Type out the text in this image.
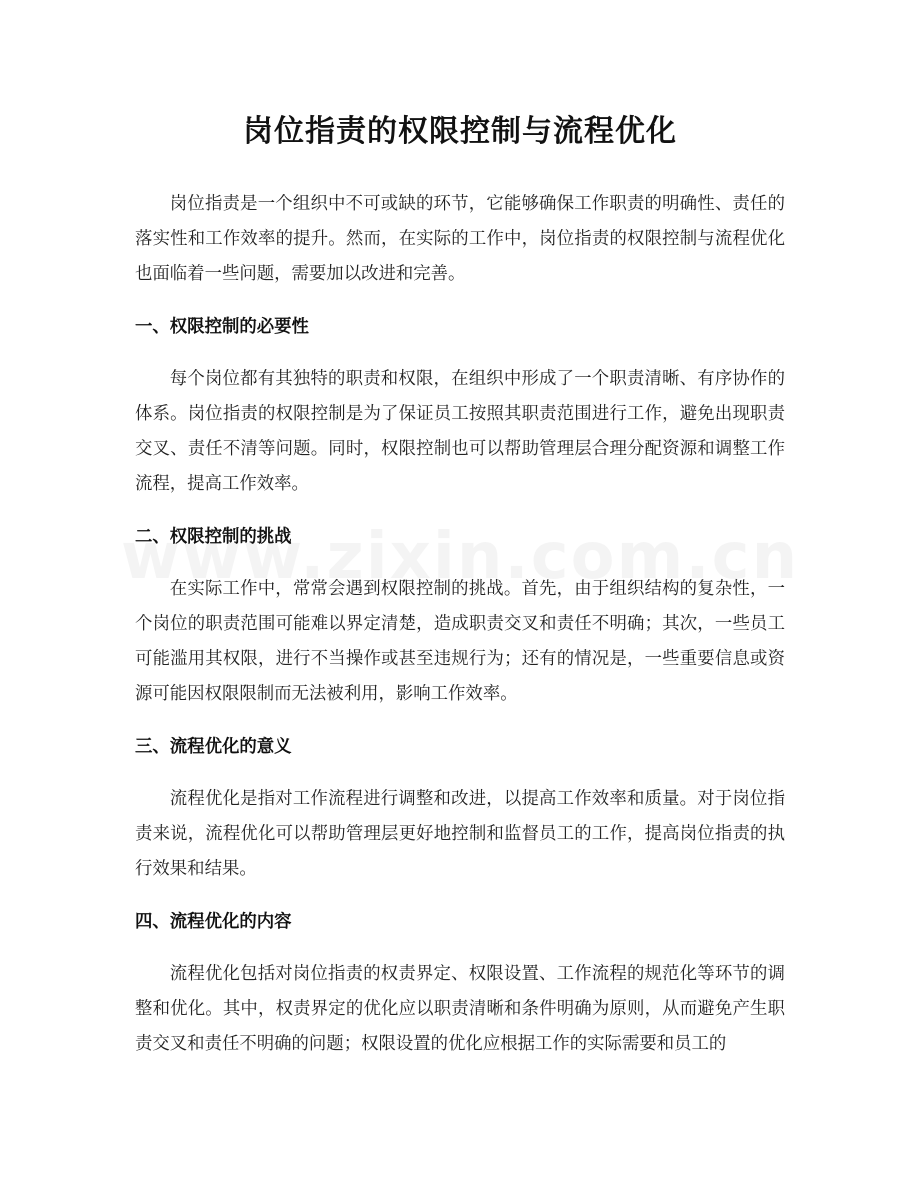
岗位指责的权限控制与流程优化

岗位指责是一个组织中不可或缺的环节，它能够确保工作职责的明确性、责任的落实性和工作效率的提升。然而，在实际的工作中，岗位指责的权限控制与流程优化也面临着一些问题，需要加以改进和完善。

一、权限控制的必要性

每个岗位都有其独特的职责和权限，在组织中形成了一个职责清晰、有序协作的体系。岗位指责的权限控制是为了保证员工按照其职责范围进行工作，避免出现职责交叉、责任不清等问题。同时，权限控制也可以帮助管理层合理分配资源和调整工作流程，提高工作效率。

二、权限控制的挑战

在实际工作中，常常会遇到权限控制的挑战。首先，由于组织结构的复杂性，一个岗位的职责范围可能难以界定清楚，造成职责交叉和责任不明确；其次，一些员工可能滥用其权限，进行不当操作或甚至违规行为；还有的情况是，一些重要信息或资源可能因权限限制而无法被利用，影响工作效率。

三、流程优化的意义

流程优化是指对工作流程进行调整和改进，以提高工作效率和质量。对于岗位指责来说，流程优化可以帮助管理层更好地控制和监督员工的工作，提高岗位指责的执行效果和结果。

四、流程优化的内容

流程优化包括对岗位指责的权责界定、权限设置、工作流程的规范化等环节的调整和优化。其中，权责界定的优化应以职责清晰和条件明确为原则，从而避免产生职责交叉和责任不明确的问题；权限设置的优化应根据工作的实际需要和员工的
